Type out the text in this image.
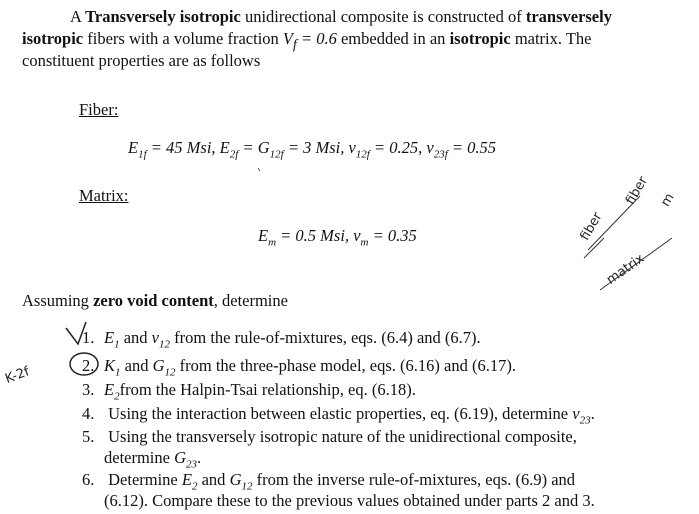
A Transversely isotropic unidirectional composite is constructed of transversely
isotropic fibers with a volume fraction $V_f = 0.6$ embedded in an isotropic matrix. The
constituent properties are as follows
Fiber:
$E_{1f} = 45$ Msi, $E_{2f} = G_{12f} = 3$ Msi, $\nu_{12f} = 0.25$, $\nu_{23f} = 0.55$
Matrix:
$E_m = 0.5$ Msi, $\nu_m = 0.35$
Assuming zero void content, determine
1. $E_1$ and $\nu_{12}$ from the rule-of-mixtures, eqs. (6.4) and (6.7).
2. $K_1$ and $G_{12}$ from the three-phase model, eqs. (6.16) and (6.17).
3. $E_2from$ the Halpin-Tsai relationship, eq. (6.18).
4. Using the interaction between elastic properties, eq. (6.19), determine $\nu_{23}$.
5. Using the transversely isotropic nature of the unidirectional composite,
determine $G_{23}$.
6. Determine $E_2$ and $G_{12}$ from the inverse rule-of-mixtures, eqs. (6.9) and
(6.12). Compare these to the previous values obtained under parts 2 and 3.
K-2f
fiber
fiber m
matrix
